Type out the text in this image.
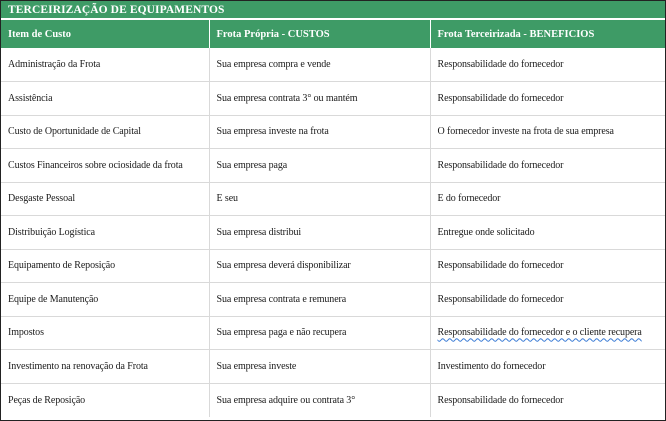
TERCEIRIZAÇÃO DE EQUIPAMENTOS
Item de Custo	Frota Própria - CUSTOS	Frota Terceirizada - BENEFICIOS
Administração da Frota	Sua empresa compra e vende	Responsabilidade do fornecedor
Assistência	Sua empresa contrata 3° ou mantém	Responsabilidade do fornecedor
Custo de Oportunidade de Capital	Sua empresa investe na frota	O fornecedor investe na frota de sua empresa
Custos Financeiros sobre ociosidade da frota	Sua empresa paga	Responsabilidade do fornecedor
Desgaste Pessoal	E seu	E do fornecedor
Distribuição Logística	Sua empresa distribui	Entregue onde solicitado
Equipamento de Reposição	Sua empresa deverá disponibilizar	Responsabilidade do fornecedor
Equipe de Manutenção	Sua empresa contrata e remunera	Responsabilidade do fornecedor
Impostos	Sua empresa paga e não recupera	Responsabilidade do fornecedor e o cliente recupera
Investimento na renovação da Frota	Sua empresa investe	Investimento do fornecedor
Peças de Reposição	Sua empresa adquire ou contrata 3°	Responsabilidade do fornecedor
